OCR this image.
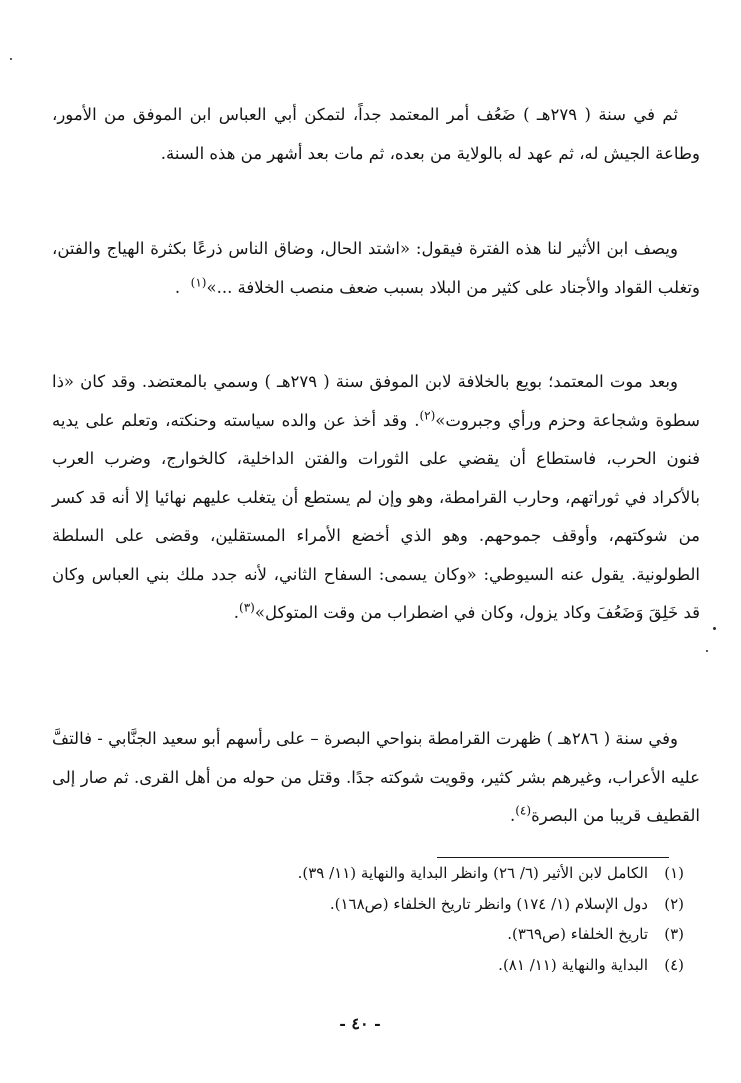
ثم في سنة ( ٢٧٩هـ ) ضَعُف أمر المعتمد جداً، لتمكن أبي العباس ابن الموفق من الأمور، وطاعة الجيش له، ثم عهد له بالولاية من بعده، ثم مات بعد أشهر من هذه السنة.

ويصف ابن الأثير لنا هذه الفترة فيقول: «اشتد الحال، وضاق الناس ذرعًا بكثرة الهياج والفتن، وتغلب القواد والأجناد على كثير من البلاد بسبب ضعف منصب الخلافة ...»$^{(١)}$  .

وبعد موت المعتمد؛ بويع بالخلافة لابن الموفق سنة ( ٢٧٩هـ ) وسمي بالمعتضد. وقد كان «ذا سطوة وشجاعة وحزم ورأي وجبروت»$^{(٢)}$. وقد أخذ عن والده سياسته وحنكته، وتعلم على يديه فنون الحرب، فاستطاع أن يقضي على الثورات والفتن الداخلية، كالخوارج، وضرب العرب بالأكراد في ثوراتهم، وحارب القرامطة، وهو وإن لم يستطع أن يتغلب عليهم نهائيا إلا أنه قد كسر من شوكتهم، وأوقف جموحهم. وهو الذي أخضع الأمراء المستقلين، وقضى على السلطة الطولونية. يقول عنه السيوطي: «وكان يسمى: السفاح الثاني، لأنه جدد ملك بني العباس وكان قد خَلِقَ وَضَعُفَ وكاد يزول، وكان في اضطراب من وقت المتوكل»$^{(٣)}$.

وفي سنة ( ٢٨٦هـ ) ظهرت القرامطة بنواحي البصرة – على رأسهم أبو سعيد الجنَّابي - فالتفَّ عليه الأعراب، وغيرهم بشر كثير، وقويت شوكته جدًا. وقتل من حوله من أهل القرى. ثم صار إلى القطيف قريبا من البصرة$^{(٤)}$.

(١)الكامل لابن الأثير (٦/ ٢٦) وانظر البداية والنهاية (١١/ ٣٩).
(٢)دول الإسلام (١/ ١٧٤) وانظر تاريخ الخلفاء (ص١٦٨).
(٣)تاريخ الخلفاء (ص٣٦٩).
(٤)البداية والنهاية (١١/ ٨١).
- ٤٠ -
